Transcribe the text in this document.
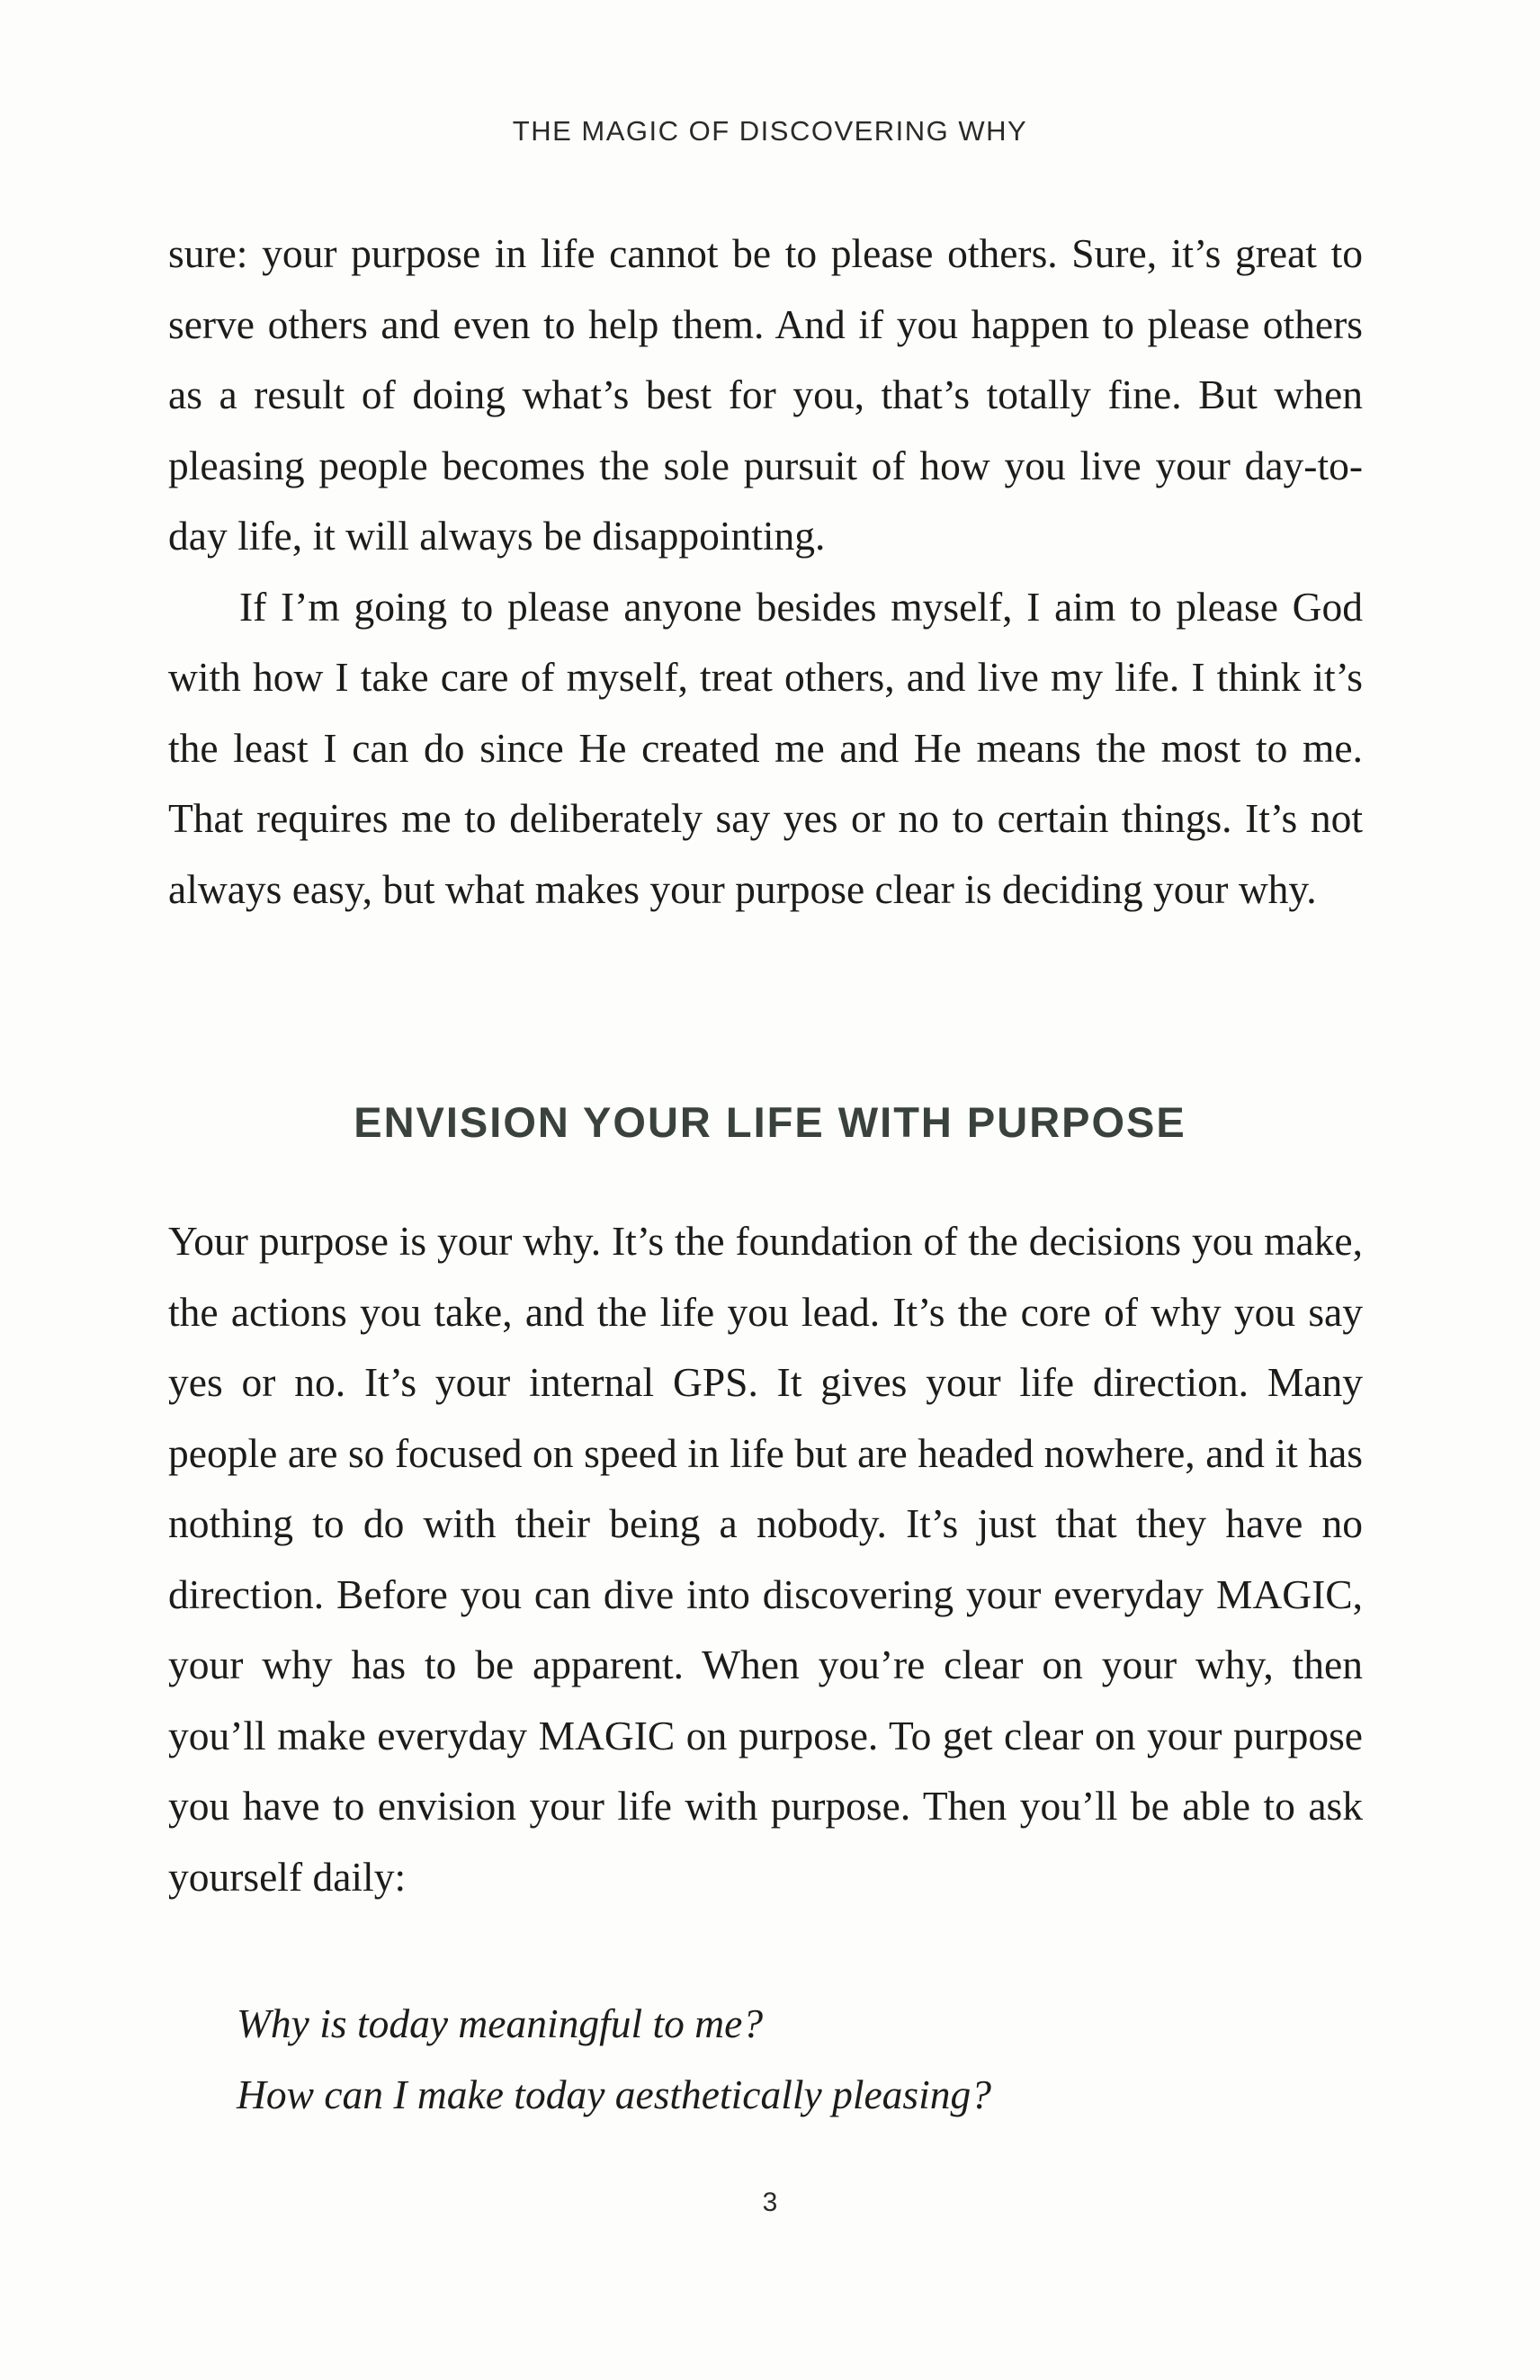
THE MAGIC OF DISCOVERING WHY

sure: your purpose in life cannot be to please others. Sure, it’s great to serve others and even to help them. And if you happen to please others as a result of doing what’s best for you, that’s totally fine. But when pleasing people becomes the sole pursuit of how you live your day-to-day life, it will always be disappointing.

If I’m going to please anyone besides myself, I aim to please God with how I take care of myself, treat others, and live my life. I think it’s the least I can do since He created me and He means the most to me. That requires me to deliberately say yes or no to certain things. It’s not always easy, but what makes your purpose clear is deciding your why.

ENVISION YOUR LIFE WITH PURPOSE

Your purpose is your why. It’s the foundation of the decisions you make, the actions you take, and the life you lead. It’s the core of why you say yes or no. It’s your internal GPS. It gives your life direction. Many people are so focused on speed in life but are headed nowhere, and it has nothing to do with their being a nobody. It’s just that they have no direction. Before you can dive into discovering your everyday MAGIC, your why has to be apparent. When you’re clear on your why, then you’ll make everyday MAGIC on purpose. To get clear on your purpose you have to envision your life with purpose. Then you’ll be able to ask yourself daily:

Why is today meaningful to me?
How can I make today aesthetically pleasing?
3
